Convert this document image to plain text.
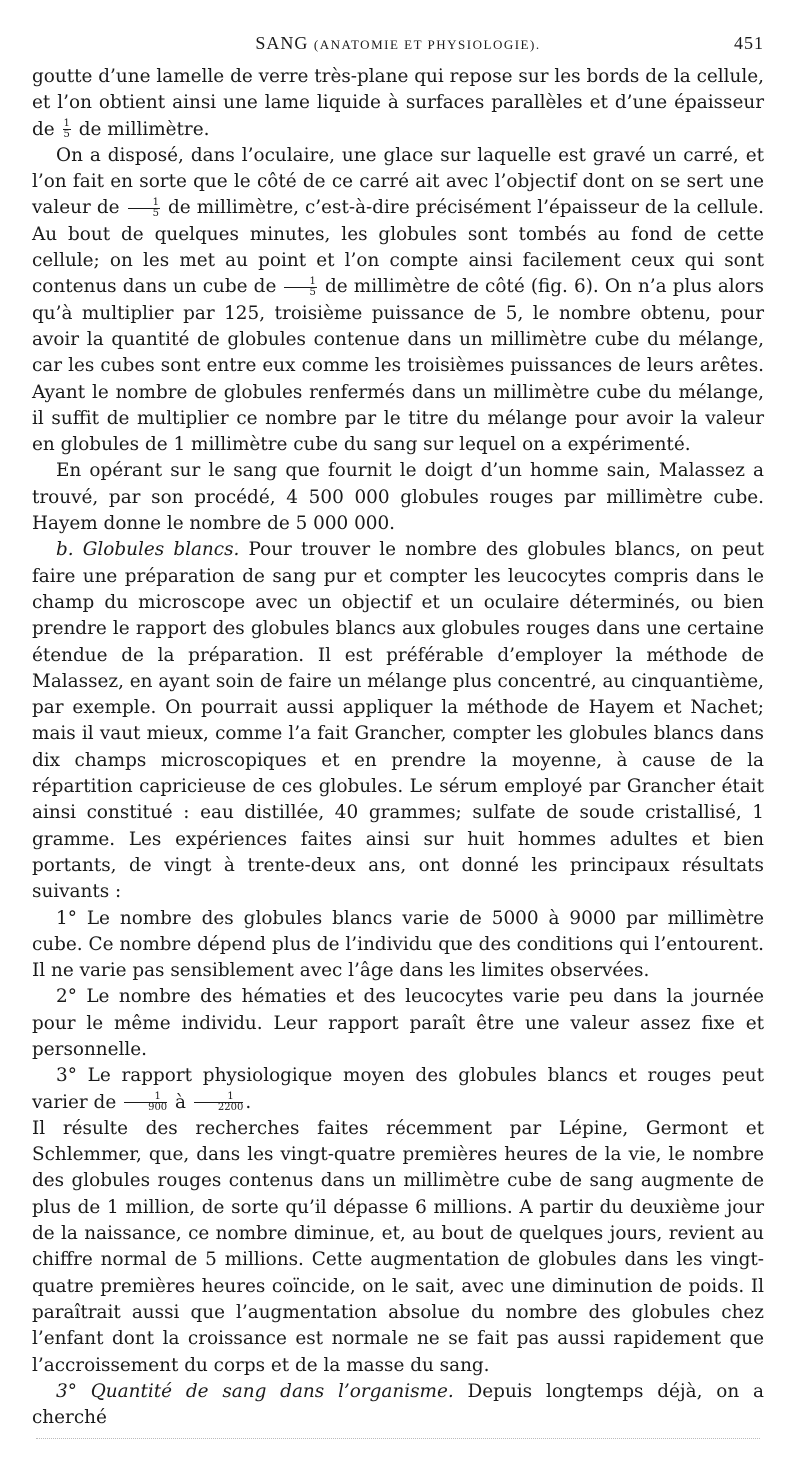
SANG (ANATOMIE ET PHYSIOLOGIE).	451

goutte d’une lamelle de verre très-plane qui repose sur les bords de la cellule, et l’on obtient ainsi une lame liquide à surfaces parallèles et d’une épaisseur de $\frac{1}{5}$ de millimètre.

On a disposé, dans l’oculaire, une glace sur laquelle est gravé un carré, et l’on fait en sorte que le côté de ce carré ait avec l’objectif dont on se sert une valeur de $\frac{1}{5}$ de millimètre, c’est-à-dire précisément l’épaisseur de la cellule. Au bout de quelques minutes, les globules sont tombés au fond de cette cellule; on les met au point et l’on compte ainsi facilement ceux qui sont contenus dans un cube de $\frac{1}{5}$ de millimètre de côté (fig. 6). On n’a plus alors qu’à multiplier par 125, troisième puissance de 5, le nombre obtenu, pour avoir la quantité de globules contenue dans un millimètre cube du mélange, car les cubes sont entre eux comme les troisièmes puissances de leurs arêtes. Ayant le nombre de globules renfermés dans un millimètre cube du mélange, il suffit de multiplier ce nombre par le titre du mélange pour avoir la valeur en globules de 1 millimètre cube du sang sur lequel on a expérimenté.

En opérant sur le sang que fournit le doigt d’un homme sain, Malassez a trouvé, par son procédé, 4 500 000 globules rouges par millimètre cube. Hayem donne le nombre de 5 000 000.

b. Globules blancs. Pour trouver le nombre des globules blancs, on peut faire une préparation de sang pur et compter les leucocytes compris dans le champ du microscope avec un objectif et un oculaire déterminés, ou bien prendre le rapport des globules blancs aux globules rouges dans une certaine étendue de la préparation. Il est préférable d’employer la méthode de Malassez, en ayant soin de faire un mélange plus concentré, au cinquantième, par exemple. On pourrait aussi appliquer la méthode de Hayem et Nachet; mais il vaut mieux, comme l’a fait Grancher, compter les globules blancs dans dix champs microscopiques et en prendre la moyenne, à cause de la répartition capricieuse de ces globules. Le sérum employé par Grancher était ainsi constitué : eau distillée, 40 grammes; sulfate de soude cristallisé, 1 gramme. Les expériences faites ainsi sur huit hommes adultes et bien portants, de vingt à trente-deux ans, ont donné les principaux résultats suivants :

1° Le nombre des globules blancs varie de 5000 à 9000 par millimètre cube. Ce nombre dépend plus de l’individu que des conditions qui l’entourent. Il ne varie pas sensiblement avec l’âge dans les limites observées.

2° Le nombre des hématies et des leucocytes varie peu dans la journée pour le même individu. Leur rapport paraît être une valeur assez fixe et personnelle.

3° Le rapport physiologique moyen des globules blancs et rouges peut varier de $\frac{1}{900}$ à $\frac{1}{2200}$ .

Il résulte des recherches faites récemment par Lépine, Germont et Schlemmer, que, dans les vingt-quatre premières heures de la vie, le nombre des globules rouges contenus dans un millimètre cube de sang augmente de plus de 1 million, de sorte qu’il dépasse 6 millions. A partir du deuxième jour de la naissance, ce nombre diminue, et, au bout de quelques jours, revient au chiffre normal de 5 millions. Cette augmentation de globules dans les vingt-quatre premières heures coïncide, on le sait, avec une diminution de poids. Il paraîtrait aussi que l’augmentation absolue du nombre des globules chez l’enfant dont la croissance est normale ne se fait pas aussi rapidement que l’accroissement du corps et de la masse du sang.

3° Quantité de sang dans l’organisme. Depuis longtemps déjà, on a cherché
